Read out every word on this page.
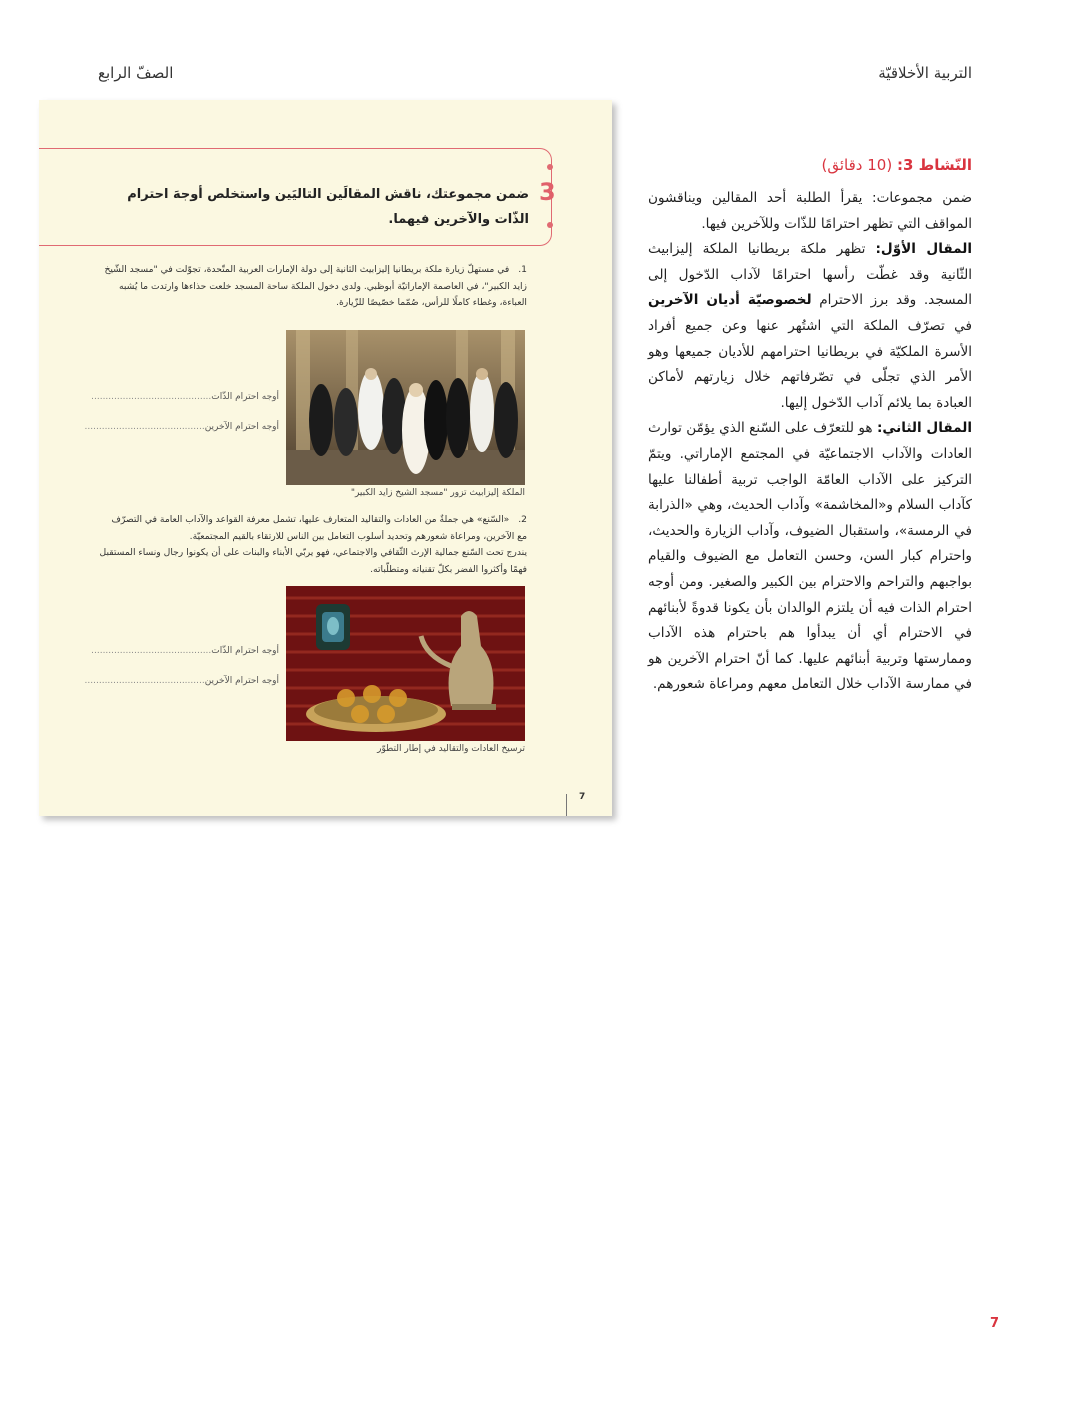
التربية الأخلاقيّة
الصفّ الرابع
النّشاط 3: (10 دقائق)

ضمن مجموعات: يقرأ الطلبة أحد المقالين ويناقشون المواقف التي تظهر احترامًا للذّات وللآخرين فيها.

المقال الأوّل: تظهر ملكة بريطانيا الملكة إليزابيث الثّانية وقد غطّت رأسها احترامًا لآداب الدّخول إلى المسجد. وقد برز الاحترام لخصوصيّة أديان الآخرين في تصرّف الملكة التي اشتُهر عنها وعن جميع أفراد الأسرة الملكيّة في بريطانيا احترامهم للأديان جميعها وهو الأمر الذي تجلّى في تصّرفاتهم خلال زيارتهم لأماكن العبادة بما يلائم آداب الدّخول إليها.

المقال الثاني: هو للتعرّف على السّنع الذي يؤمّن توارث العادات والآداب الاجتماعيّة في المجتمع الإماراتي. ويتمّ التركيز على الآداب العامّة الواجب تربية أطفالنا عليها كآداب السلام و«المخاشمة» وآداب الحديث، وهي «الذرابة في الرمسة»، واستقبال الضيوف، وآداب الزيارة والحديث، واحترام كبار السن، وحسن التعامل مع الضيوف والقيام بواجبهم والتراحم والاحترام بين الكبير والصغير. ومن أوجه احترام الذات فيه أن يلتزم الوالدان بأن يكونا قدوةً لأبنائهم في الاحترام أي أن يبدأوا هم باحترام هذه الآداب وممارستها وتربية أبنائهم عليها. كما أنّ احترام الآخرين هو في ممارسة الآداب خلال التعامل معهم ومراعاة شعورهم.

7
3
ضمن مجموعتك، ناقش المقالَين التاليَين واستخلص أوجهَ احترام الذّات والآخرين فيهما.
1. في مستهلّ زيارة ملكة بريطانيا إليزابيث الثانية إلى دولة الإمارات العربية المتّحدة، تجوّلت في "مسجد الشّيخ زايد الكبير"، في العاصمة الإماراتيّة أبوظبي. ولدى دخول الملكة ساحة المسجد خلعت حذاءها وارتدت ما يُشبه العباءة، وغطاء كاملًا للرأس، صُمّما خصّيصًا للزّيارة.
الملكة إليزابيث تزور "مسجد الشيخ زايد الكبير"
أوجه احترام الذّات..........................................
أوجه احترام الآخرين..........................................
2. «السّنع» هي جملةٌ من العادات والتقاليد المتعارف عليها، تشمل معرفة القواعد والآداب العامة في التصرّف مع الآخرين، ومراعاة شعورهم وتحديد أسلوب التعامل بين الناس للارتقاء بالقيم المجتمعيّة.
يندرج تحت السّنع جمالية الإرث الثّقافي والاجتماعي، فهو يربّي الأبناء والبنات على أن يكونوا رجال ونساء المستقبل فهمًا وأكثروا الفضر بكلّ تقنياته ومتطلّباته.
ترسيخ العادات والتقاليد في إطار التطوّر
أوجه احترام الذّات..........................................
أوجه احترام الآخرين..........................................
7
